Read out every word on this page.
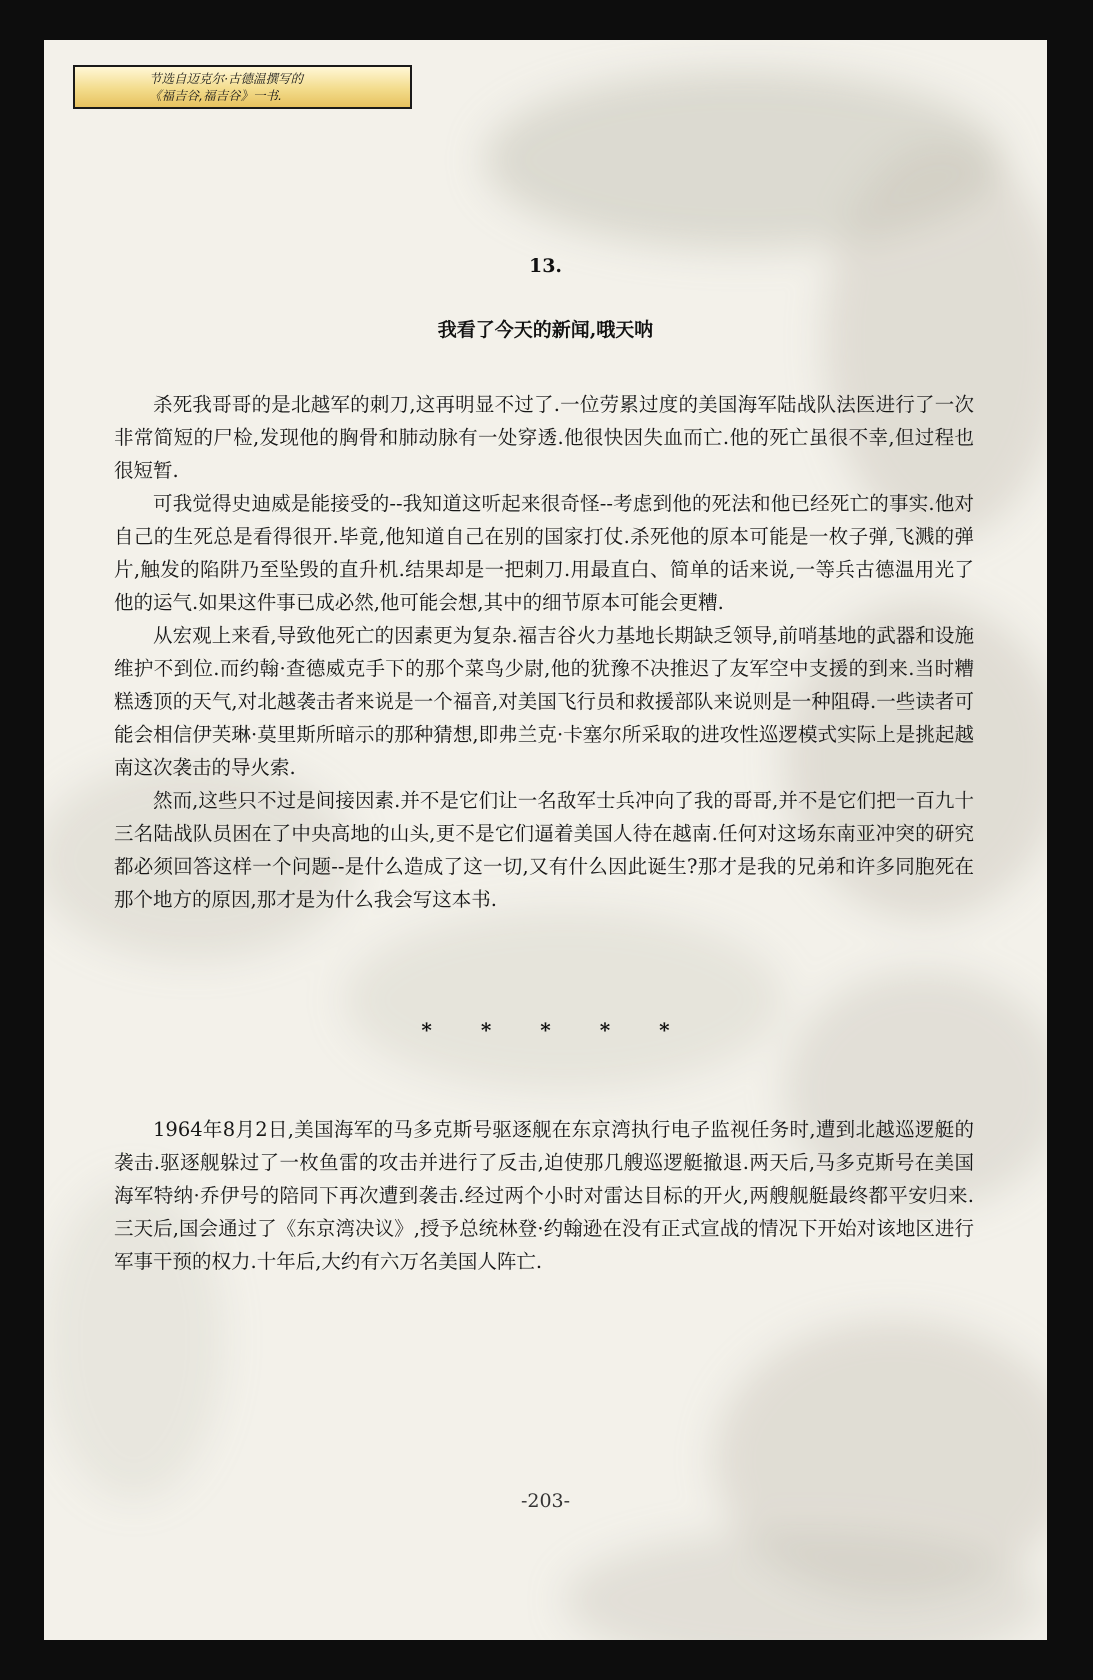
节选自迈克尔·古德温撰写的
《福吉谷,福吉谷》一书.
13.
我看了今天的新闻,哦天呐

杀死我哥哥的是北越军的刺刀,这再明显不过了.一位劳累过度的美国海军陆战队法医进行了一次非常简短的尸检,发现他的胸骨和肺动脉有一处穿透.他很快因失血而亡.他的死亡虽很不幸,但过程也很短暂.

可我觉得史迪威是能接受的--我知道这听起来很奇怪--考虑到他的死法和他已经死亡的事实.他对自己的生死总是看得很开.毕竟,他知道自己在别的国家打仗.杀死他的原本可能是一枚子弹,飞溅的弹片,触发的陷阱乃至坠毁的直升机.结果却是一把刺刀.用最直白、简单的话来说,一等兵古德温用光了他的运气.如果这件事已成必然,他可能会想,其中的细节原本可能会更糟.

从宏观上来看,导致他死亡的因素更为复杂.福吉谷火力基地长期缺乏领导,前哨基地的武器和设施维护不到位.而约翰·查德威克手下的那个菜鸟少尉,他的犹豫不决推迟了友军空中支援的到来.当时糟糕透顶的天气,对北越袭击者来说是一个福音,对美国飞行员和救援部队来说则是一种阻碍.一些读者可能会相信伊芙琳·莫里斯所暗示的那种猜想,即弗兰克·卡塞尔所采取的进攻性巡逻模式实际上是挑起越南这次袭击的导火索.

然而,这些只不过是间接因素.并不是它们让一名敌军士兵冲向了我的哥哥,并不是它们把一百九十三名陆战队员困在了中央高地的山头,更不是它们逼着美国人待在越南.任何对这场东南亚冲突的研究都必须回答这样一个问题--是什么造成了这一切,又有什么因此诞生?那才是我的兄弟和许多同胞死在那个地方的原因,那才是为什么我会写这本书.

* * * * *

1964年8月2日,美国海军的马多克斯号驱逐舰在东京湾执行电子监视任务时,遭到北越巡逻艇的袭击.驱逐舰躲过了一枚鱼雷的攻击并进行了反击,迫使那几艘巡逻艇撤退.两天后,马多克斯号在美国海军特纳·乔伊号的陪同下再次遭到袭击.经过两个小时对雷达目标的开火,两艘舰艇最终都平安归来.三天后,国会通过了《东京湾决议》,授予总统林登·约翰逊在没有正式宣战的情况下开始对该地区进行军事干预的权力.十年后,大约有六万名美国人阵亡.

-203-
